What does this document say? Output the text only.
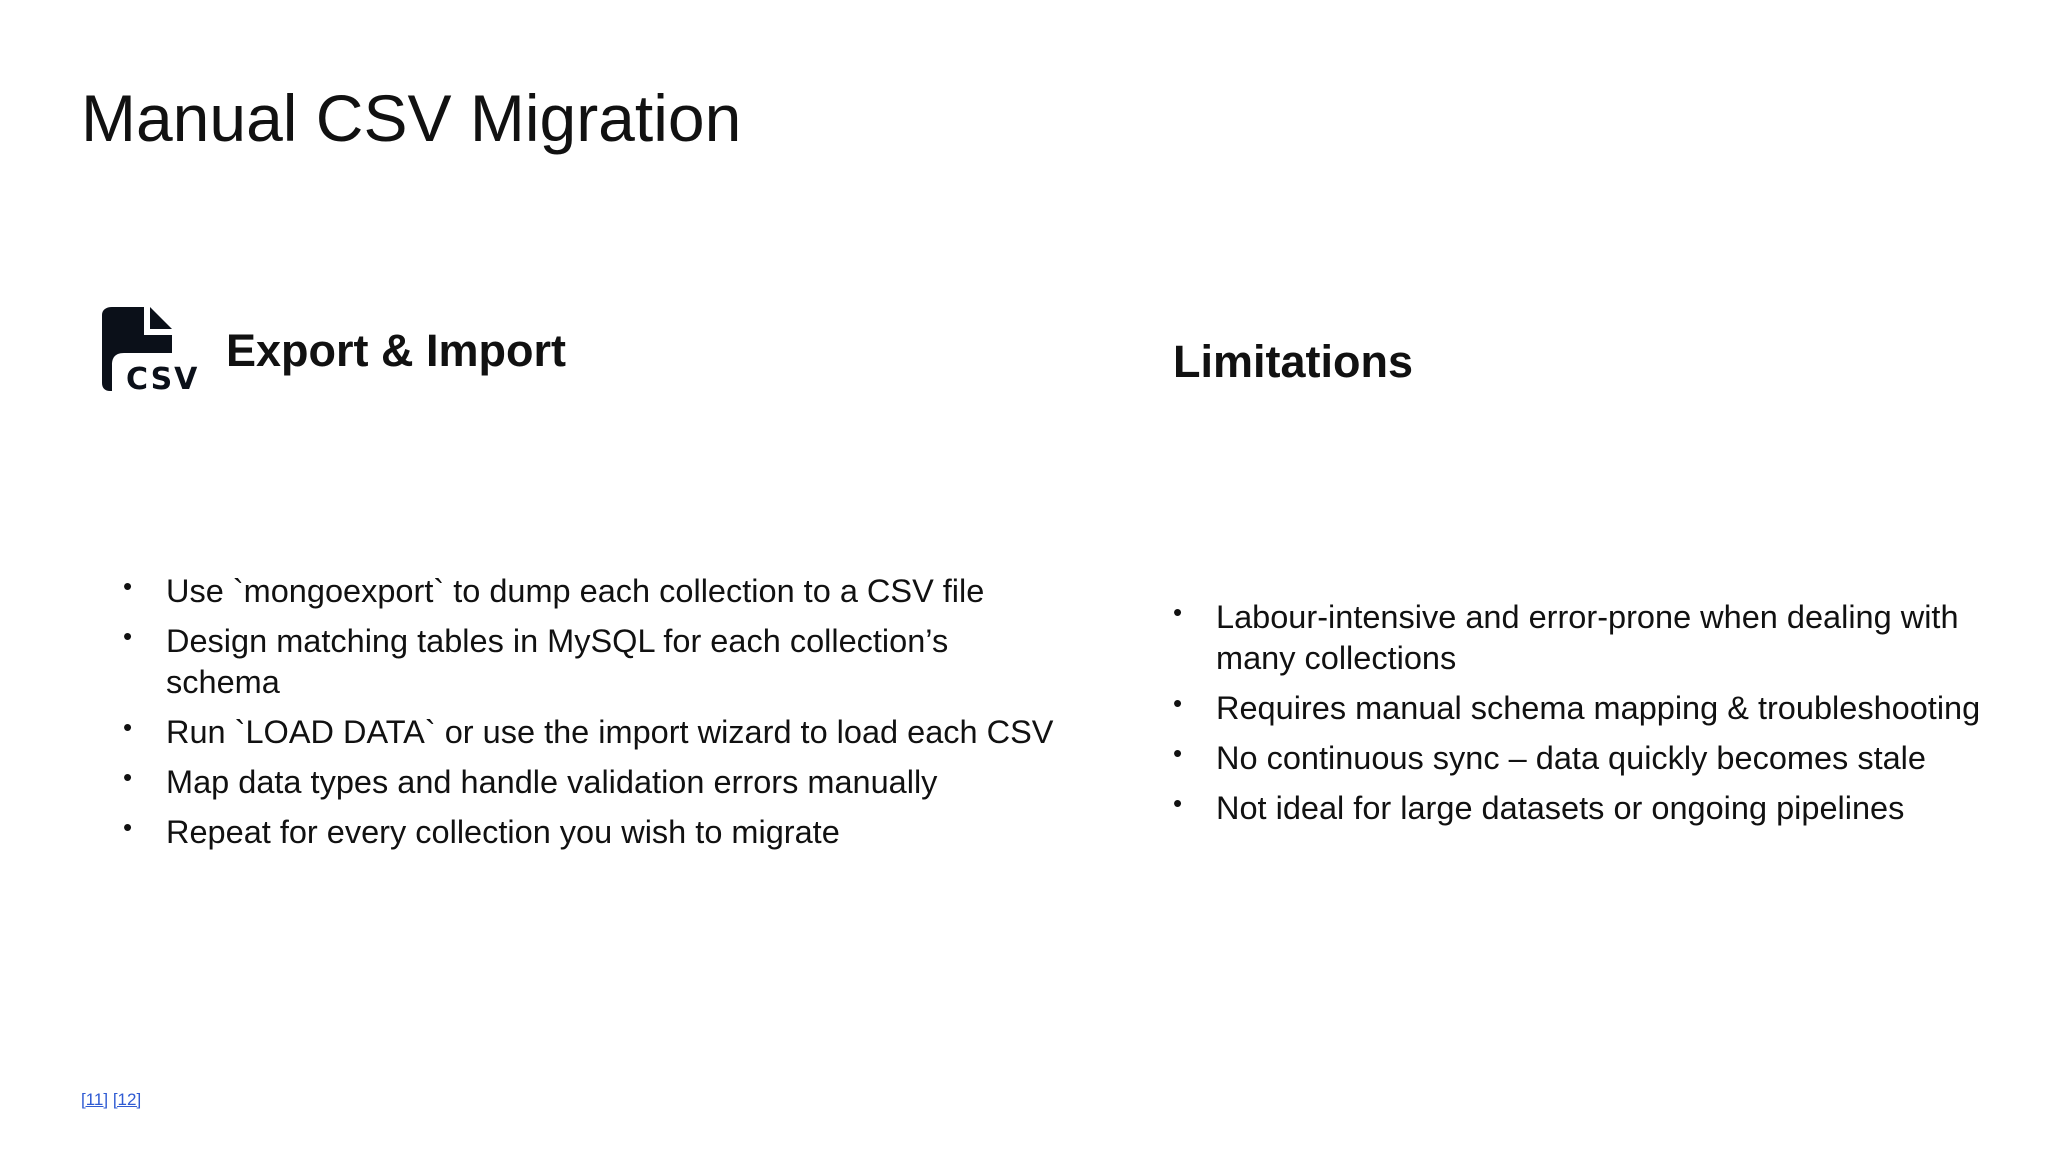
Manual CSV Migration
CSV
Export & Import	Limitations
• Use `mongoexport` to dump each collection to a CSV file
• Design matching tables in MySQL for each collection’s schema
• Run `LOAD DATA` or use the import wizard to load each CSV
• Map data types and handle validation errors manually
• Repeat for every collection you wish to migrate
• Labour-intensive and error-prone when dealing with many collections
• Requires manual schema mapping & troubleshooting
• No continuous sync – data quickly becomes stale
• Not ideal for large datasets or ongoing pipelines
[11] [12]
